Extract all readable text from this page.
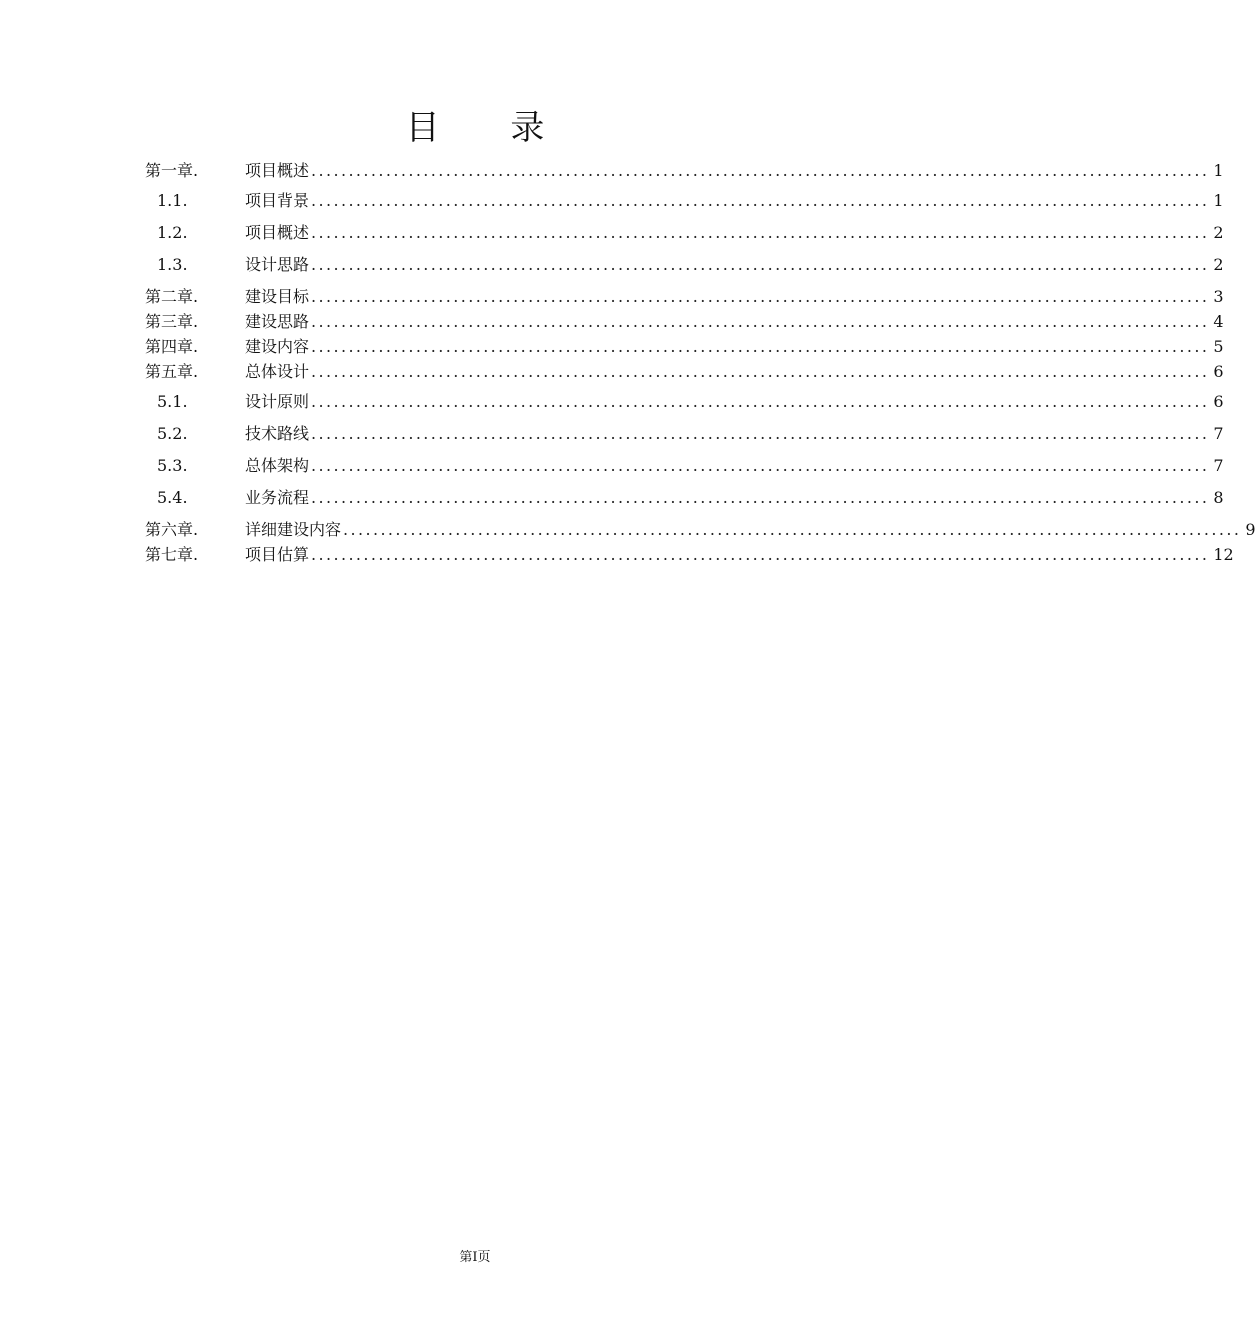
目 录
第一章.	项目概述 ........................................................................................................................ 1
1.1.	项目背景 ........................................................................................................................ 1
1.2.	项目概述 ........................................................................................................................ 2
1.3.	设计思路 ........................................................................................................................ 2
第二章.	建设目标 ........................................................................................................................ 3
第三章.	建设思路 ........................................................................................................................ 4
第四章.	建设内容 ........................................................................................................................ 5
第五章.	总体设计 ........................................................................................................................ 6
5.1.	设计原则 ........................................................................................................................ 6
5.2.	技术路线 ........................................................................................................................ 7
5.3.	总体架构 ........................................................................................................................ 7
5.4.	业务流程 ........................................................................................................................ 8
第六章.	详细建设内容 ........................................................................................................................ 9
第七章.	项目估算 ........................................................................................................................ 12
第I页
